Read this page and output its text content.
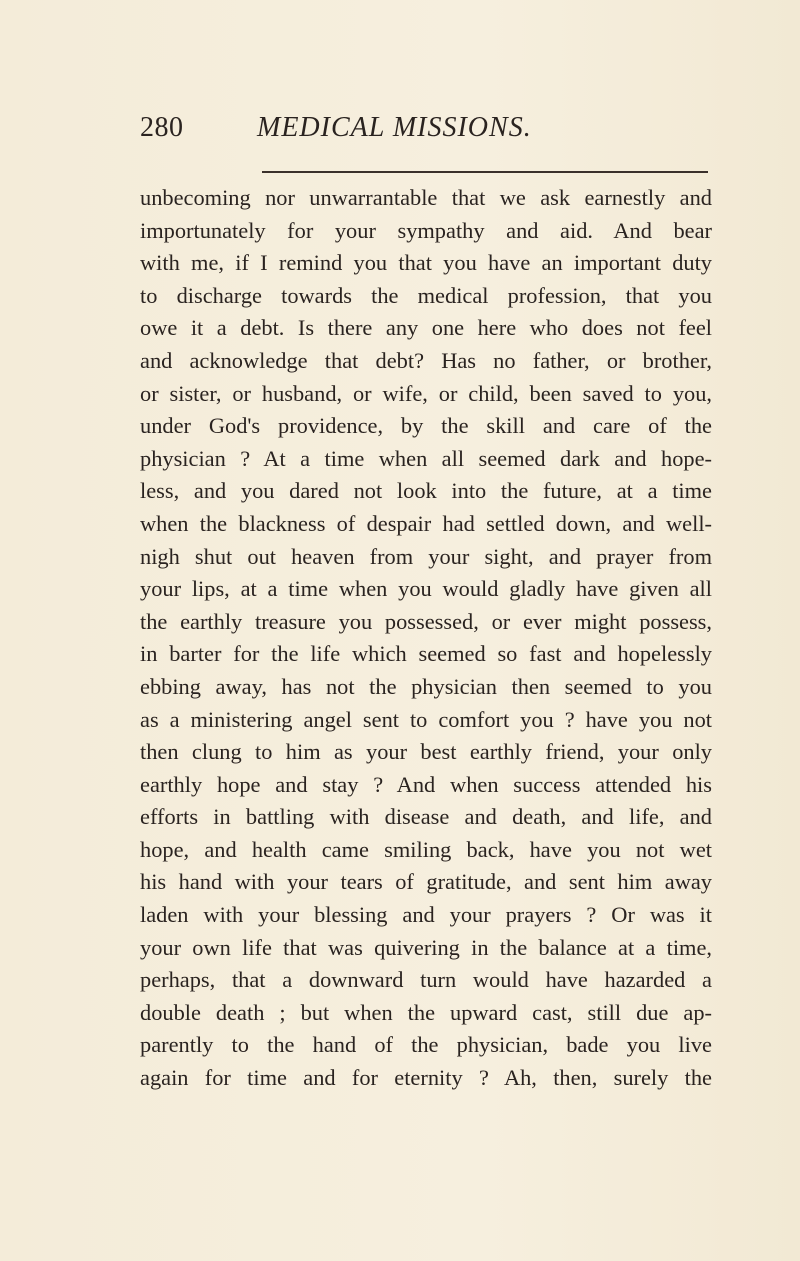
280	MEDICAL MISSIONS.
unbecoming nor unwarrantable that we ask earnestly and
importunately for your sympathy and aid. And bear
with me, if I remind you that you have an important duty
to discharge towards the medical profession, that you
owe it a debt. Is there any one here who does not feel
and acknowledge that debt? Has no father, or brother,
or sister, or husband, or wife, or child, been saved to you,
under God's providence, by the skill and care of the
physician ? At a time when all seemed dark and hope-
less, and you dared not look into the future, at a time
when the blackness of despair had settled down, and well-
nigh shut out heaven from your sight, and prayer from
your lips, at a time when you would gladly have given all
the earthly treasure you possessed, or ever might possess,
in barter for the life which seemed so fast and hopelessly
ebbing away, has not the physician then seemed to you
as a ministering angel sent to comfort you ? have you not
then clung to him as your best earthly friend, your only
earthly hope and stay ? And when success attended his
efforts in battling with disease and death, and life, and
hope, and health came smiling back, have you not wet
his hand with your tears of gratitude, and sent him away
laden with your blessing and your prayers ? Or was it
your own life that was quivering in the balance at a time,
perhaps, that a downward turn would have hazarded a
double death ; but when the upward cast, still due ap-
parently to the hand of the physician, bade you live
again for time and for eternity ? Ah, then, surely the
